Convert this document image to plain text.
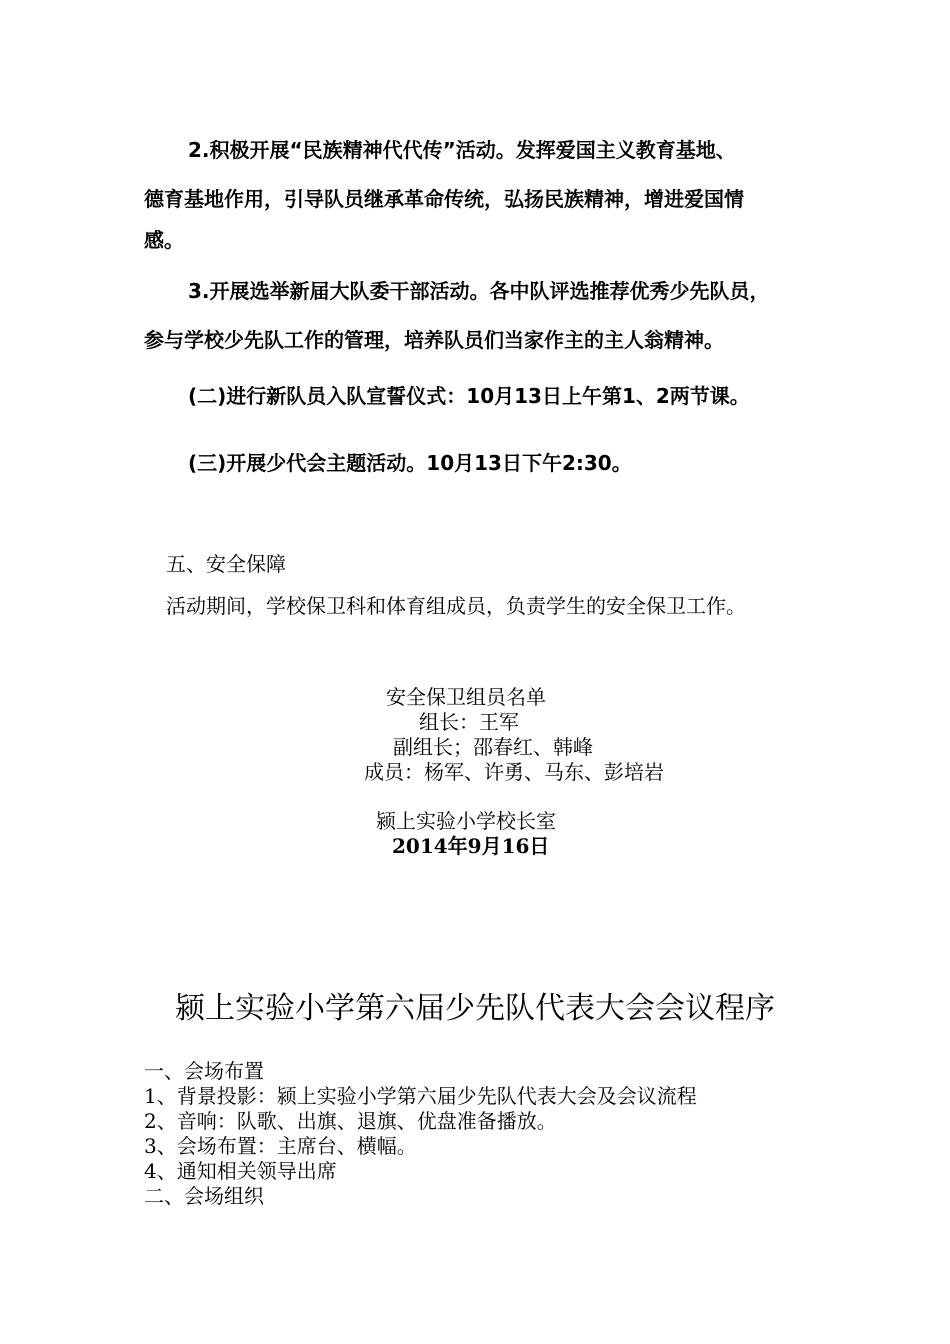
2.积极开展“民族精神代代传”活动。发挥爱国主义教育基地、
德育基地作用，引导队员继承革命传统，弘扬民族精神，增进爱国情
感。
3.开展选举新届大队委干部活动。各中队评选推荐优秀少先队员，
参与学校少先队工作的管理，培养队员们当家作主的主人翁精神。
(二)进行新队员入队宣誓仪式：10月13日上午第1、2两节课。
(三)开展少代会主题活动。10月13日下午2:30。
五、安全保障
活动期间，学校保卫科和体育组成员，负责学生的安全保卫工作。
安全保卫组员名单
组长：王军
副组长；邵春红、韩峰
成员：杨军、许勇、马东、彭培岩
颍上实验小学校长室
2014年9月16日
颍上实验小学第六届少先队代表大会会议程序
一、会场布置
1、背景投影：颍上实验小学第六届少先队代表大会及会议流程
2、音响：队歌、出旗、退旗、优盘准备播放。
3、会场布置：主席台、横幅。
4、通知相关领导出席
二、会场组织
